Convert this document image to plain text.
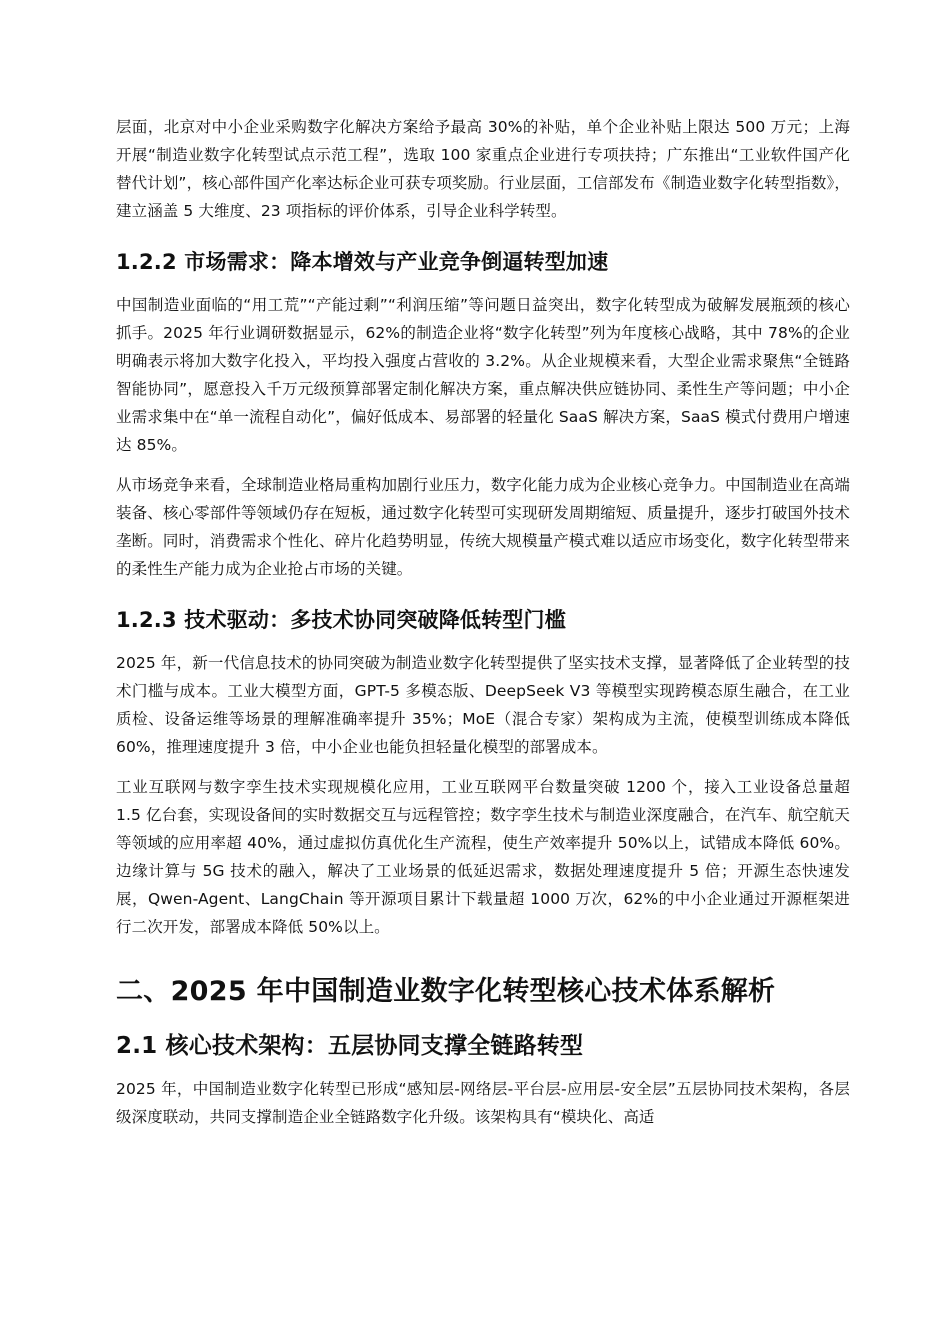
层面，北京对中小企业采购数字化解决方案给予最高 30%的补贴，单个企业补贴上限达 500 万元；上海开展“制造业数字化转型试点示范工程”，选取 100 家重点企业进行专项扶持；广东推出“工业软件国产化替代计划”，核心部件国产化率达标企业可获专项奖励。行业层面，工信部发布《制造业数字化转型指数》，建立涵盖 5 大维度、23 项指标的评价体系，引导企业科学转型。

1.2.2 市场需求：降本增效与产业竞争倒逼转型加速

中国制造业面临的“用工荒”“产能过剩”“利润压缩”等问题日益突出，数字化转型成为破解发展瓶颈的核心抓手。2025 年行业调研数据显示，62%的制造企业将“数字化转型”列为年度核心战略，其中 78%的企业明确表示将加大数字化投入，平均投入强度占营收的 3.2%。从企业规模来看，大型企业需求聚焦“全链路智能协同”，愿意投入千万元级预算部署定制化解决方案，重点解决供应链协同、柔性生产等问题；中小企业需求集中在“单一流程自动化”，偏好低成本、易部署的轻量化 SaaS 解决方案，SaaS 模式付费用户增速达 85%。

从市场竞争来看，全球制造业格局重构加剧行业压力，数字化能力成为企业核心竞争力。中国制造业在高端装备、核心零部件等领域仍存在短板，通过数字化转型可实现研发周期缩短、质量提升，逐步打破国外技术垄断。同时，消费需求个性化、碎片化趋势明显，传统大规模量产模式难以适应市场变化，数字化转型带来的柔性生产能力成为企业抢占市场的关键。

1.2.3 技术驱动：多技术协同突破降低转型门槛

2025 年，新一代信息技术的协同突破为制造业数字化转型提供了坚实技术支撑，显著降低了企业转型的技术门槛与成本。工业大模型方面，GPT-5 多模态版、DeepSeek V3 等模型实现跨模态原生融合，在工业质检、设备运维等场景的理解准确率提升 35%；MoE（混合专家）架构成为主流，使模型训练成本降低 60%，推理速度提升 3 倍，中小企业也能负担轻量化模型的部署成本。

工业互联网与数字孪生技术实现规模化应用，工业互联网平台数量突破 1200 个，接入工业设备总量超 1.5 亿台套，实现设备间的实时数据交互与远程管控；数字孪生技术与制造业深度融合，在汽车、航空航天等领域的应用率超 40%，通过虚拟仿真优化生产流程，使生产效率提升 50%以上，试错成本降低 60%。边缘计算与 5G 技术的融入，解决了工业场景的低延迟需求，数据处理速度提升 5 倍；开源生态快速发展，Qwen-Agent、LangChain 等开源项目累计下载量超 1000 万次，62%的中小企业通过开源框架进行二次开发，部署成本降低 50%以上。

二、2025 年中国制造业数字化转型核心技术体系解析
2.1 核心技术架构：五层协同支撑全链路转型

2025 年，中国制造业数字化转型已形成“感知层-网络层-平台层-应用层-安全层”五层协同技术架构，各层级深度联动，共同支撑制造企业全链路数字化升级。该架构具有“模块化、高适
